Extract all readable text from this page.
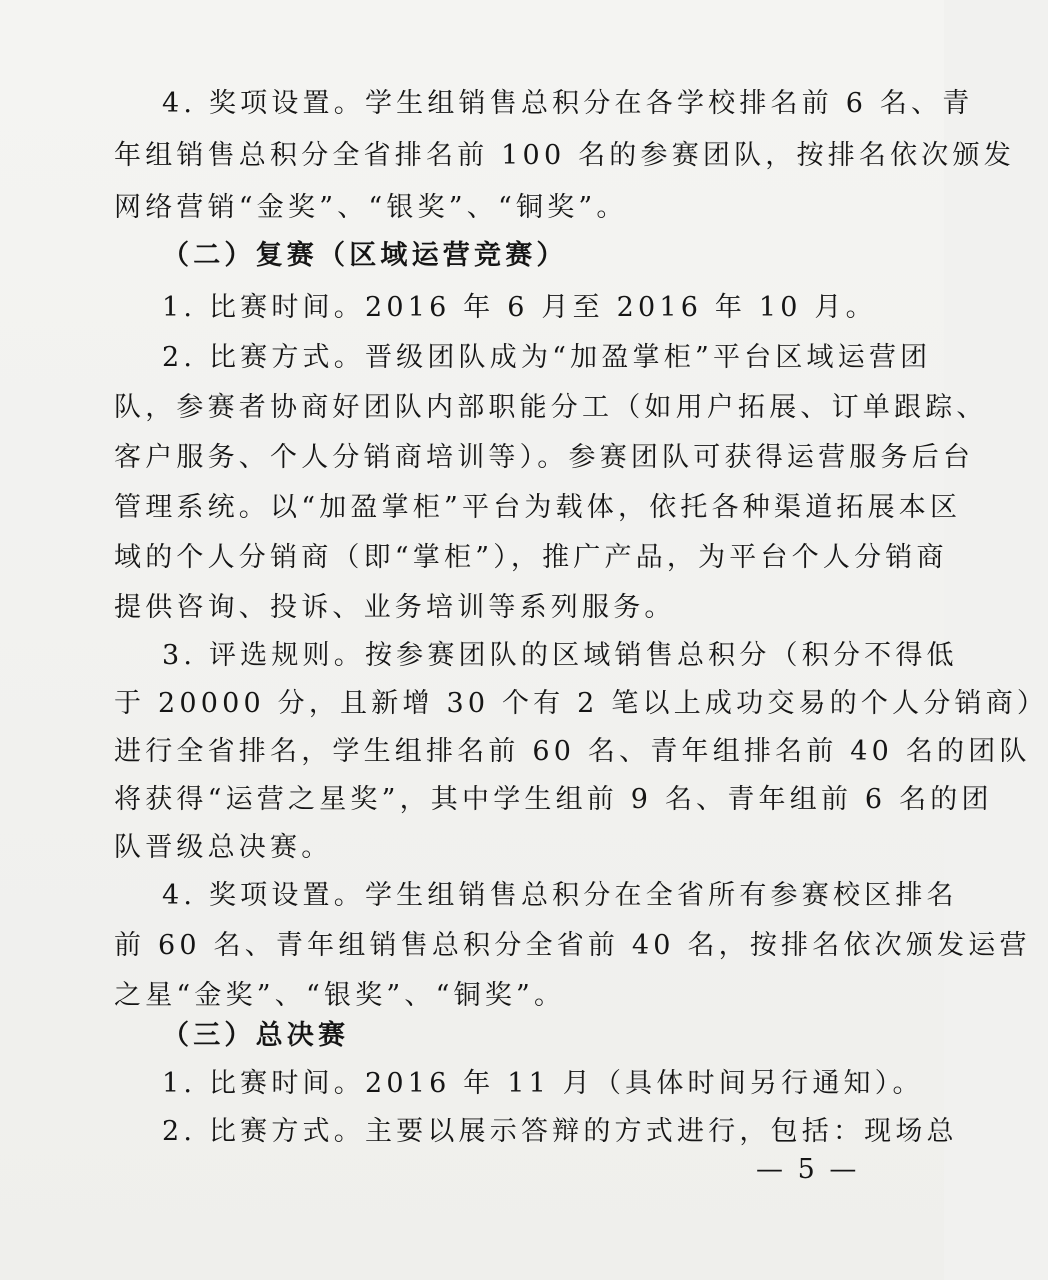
4. 奖项设置。学生组销售总积分在各学校排名前 6 名、青
年组销售总积分全省排名前 100 名的参赛团队，按排名依次颁发
网络营销“金奖”、“银奖”、“铜奖”。
（二）复赛（区域运营竞赛）
1. 比赛时间。2016 年 6 月至 2016 年 10 月。
2. 比赛方式。晋级团队成为“加盈掌柜”平台区域运营团
队，参赛者协商好团队内部职能分工（如用户拓展、订单跟踪、
客户服务、个人分销商培训等）。参赛团队可获得运营服务后台
管理系统。以“加盈掌柜”平台为载体，依托各种渠道拓展本区
域的个人分销商（即“掌柜”），推广产品，为平台个人分销商
提供咨询、投诉、业务培训等系列服务。
3. 评选规则。按参赛团队的区域销售总积分（积分不得低
于 20000 分，且新增 30 个有 2 笔以上成功交易的个人分销商）
进行全省排名，学生组排名前 60 名、青年组排名前 40 名的团队
将获得“运营之星奖”，其中学生组前 9 名、青年组前 6 名的团
队晋级总决赛。
4. 奖项设置。学生组销售总积分在全省所有参赛校区排名
前 60 名、青年组销售总积分全省前 40 名，按排名依次颁发运营
之星“金奖”、“银奖”、“铜奖”。
（三）总决赛
1. 比赛时间。2016 年 11 月（具体时间另行通知）。
2. 比赛方式。主要以展示答辩的方式进行，包括：现场总
— 5 —
